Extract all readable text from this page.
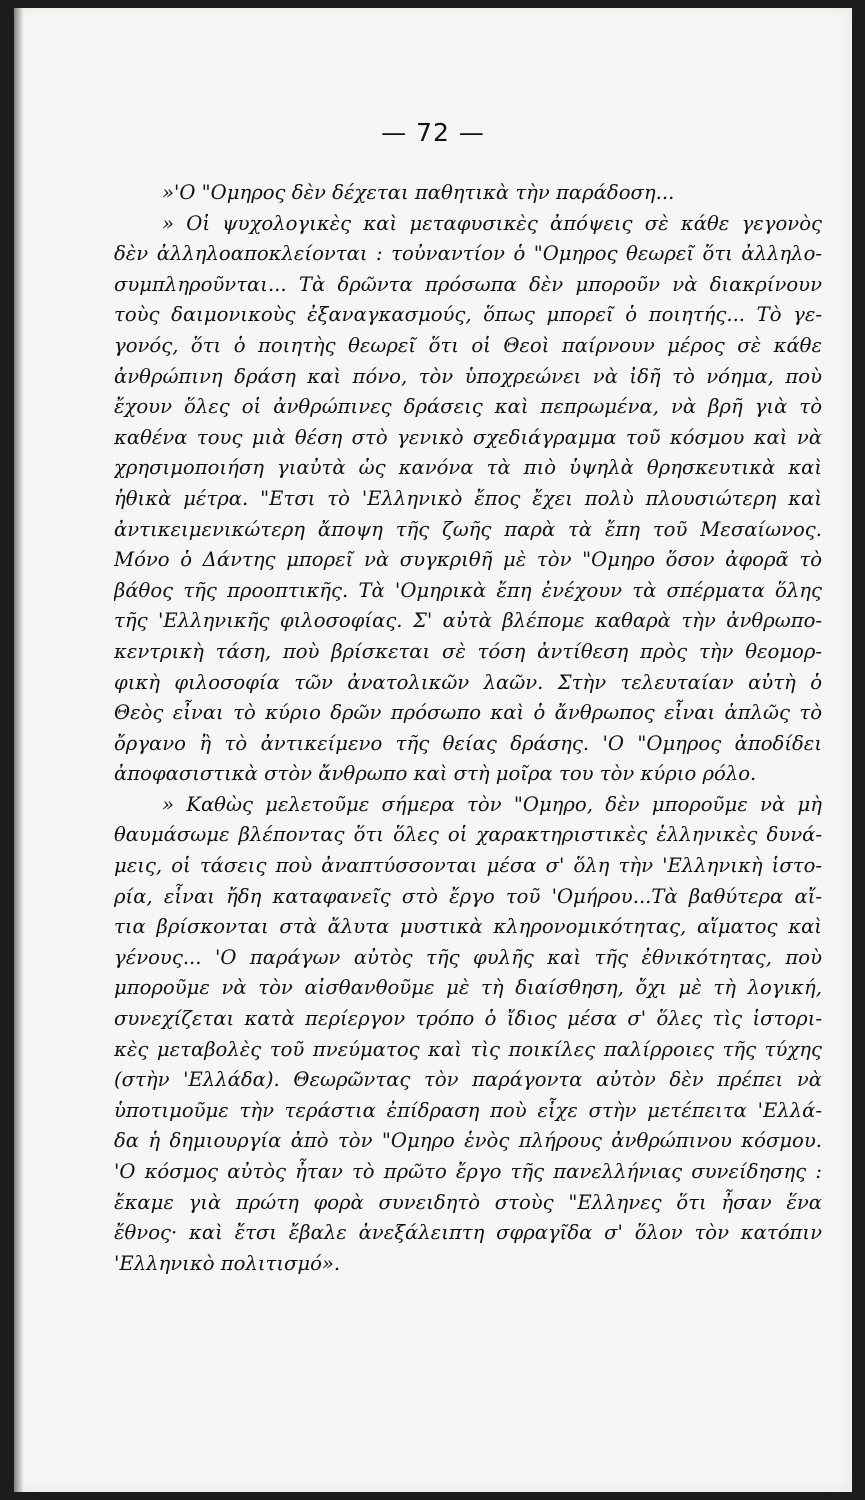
— 72 —
»'Ο "Ομηρος δὲν δέχεται παθητικὰ τὴν παράδοση...
» Οἱ ψυχολογικὲς καὶ μεταφυσικὲς ἀπόψεις σὲ κάθε γεγονὸς
δὲν ἀλληλοαποκλείονται : τοὐναντίον ὁ "Ομηρος θεωρεῖ ὅτι ἀλληλο-
συμπληροῦνται... Τὰ δρῶντα πρόσωπα δὲν μποροῦν νὰ διακρίνουν
τοὺς δαιμονικοὺς ἐξαναγκασμούς, ὅπως μπορεῖ ὁ ποιητής... Τὸ γε-
γονός, ὅτι ὁ ποιητὴς θεωρεῖ ὅτι οἱ Θεοὶ παίρνουν μέρος σὲ κάθε
ἀνθρώπινη δράση καὶ πόνο, τὸν ὑποχρεώνει νὰ ἰδῆ τὸ νόημα, ποὺ
ἔχουν ὅλες οἱ ἀνθρώπινες δράσεις καὶ πεπρωμένα, νὰ βρῆ γιὰ τὸ
καθένα τους μιὰ θέση στὸ γενικὸ σχεδιάγραμμα τοῦ κόσμου καὶ νὰ
χρησιμοποιήση γιαὐτὰ ὡς κανόνα τὰ πιὸ ὑψηλὰ θρησκευτικὰ καὶ
ἠθικὰ μέτρα. "Ετσι τὸ 'Ελληνικὸ ἔπος ἔχει πολὺ πλουσιώτερη καὶ
ἀντικειμενικώτερη ἄποψη τῆς ζωῆς παρὰ τὰ ἔπη τοῦ Μεσαίωνος.
Μόνο ὁ Δάντης μπορεῖ νὰ συγκριθῆ μὲ τὸν "Ομηρο ὅσον ἀφορᾶ τὸ
βάθος τῆς προοπτικῆς. Τὰ 'Ομηρικὰ ἔπη ἐνέχουν τὰ σπέρματα ὅλης
τῆς 'Ελληνικῆς φιλοσοφίας. Σ' αὐτὰ βλέπομε καθαρὰ τὴν ἀνθρωπο-
κεντρικὴ τάση, ποὺ βρίσκεται σὲ τόση ἀντίθεση πρὸς τὴν θεομορ-
φικὴ φιλοσοφία τῶν ἀνατολικῶν λαῶν. Στὴν τελευταίαν αὐτὴ ὁ
Θεὸς εἶναι τὸ κύριο δρῶν πρόσωπο καὶ ὁ ἄνθρωπος εἶναι ἁπλῶς τὸ
ὄργανο ἢ τὸ ἀντικείμενο τῆς θείας δράσης. 'Ο "Ομηρος ἀποδίδει
ἀποφασιστικὰ στὸν ἄνθρωπο καὶ στὴ μοῖρα του τὸν κύριο ρόλο.
» Καθὼς μελετοῦμε σήμερα τὸν "Ομηρο, δὲν μποροῦμε νὰ μὴ
θαυμάσωμε βλέποντας ὅτι ὅλες οἱ χαρακτηριστικὲς ἑλληνικὲς δυνά-
μεις, οἱ τάσεις ποὺ ἀναπτύσσονται μέσα σ' ὅλη τὴν 'Ελληνικὴ ἱστο-
ρία, εἶναι ἤδη καταφανεῖς στὸ ἔργο τοῦ 'Ομήρου...Τὰ βαθύτερα αἴ-
τια βρίσκονται στὰ ἄλυτα μυστικὰ κληρονομικότητας, αἵματος καὶ
γένους... 'Ο παράγων αὐτὸς τῆς φυλῆς καὶ τῆς ἐθνικότητας, ποὺ
μποροῦμε νὰ τὸν αἰσθανθοῦμε μὲ τὴ διαίσθηση, ὄχι μὲ τὴ λογική,
συνεχίζεται κατὰ περίεργον τρόπο ὁ ἴδιος μέσα σ' ὅλες τὶς ἱστορι-
κὲς μεταβολὲς τοῦ πνεύματος καὶ τὶς ποικίλες παλίρροιες τῆς τύχης
(στὴν 'Ελλάδα). Θεωρῶντας τὸν παράγοντα αὐτὸν δὲν πρέπει νὰ
ὑποτιμοῦμε τὴν τεράστια ἐπίδραση ποὺ εἶχε στὴν μετέπειτα 'Ελλά-
δα ἡ δημιουργία ἀπὸ τὸν "Ομηρο ἑνὸς πλήρους ἀνθρώπινου κόσμου.
'Ο κόσμος αὐτὸς ἦταν τὸ πρῶτο ἔργο τῆς πανελλήνιας συνείδησης :
ἔκαμε γιὰ πρώτη φορὰ συνειδητὸ στοὺς "Ελληνες ὅτι ἦσαν ἕνα
ἔθνος· καὶ ἔτσι ἔβαλε ἀνεξάλειπτη σφραγῖδα σ' ὅλον τὸν κατόπιν
'Ελληνικὸ πολιτισμό».
